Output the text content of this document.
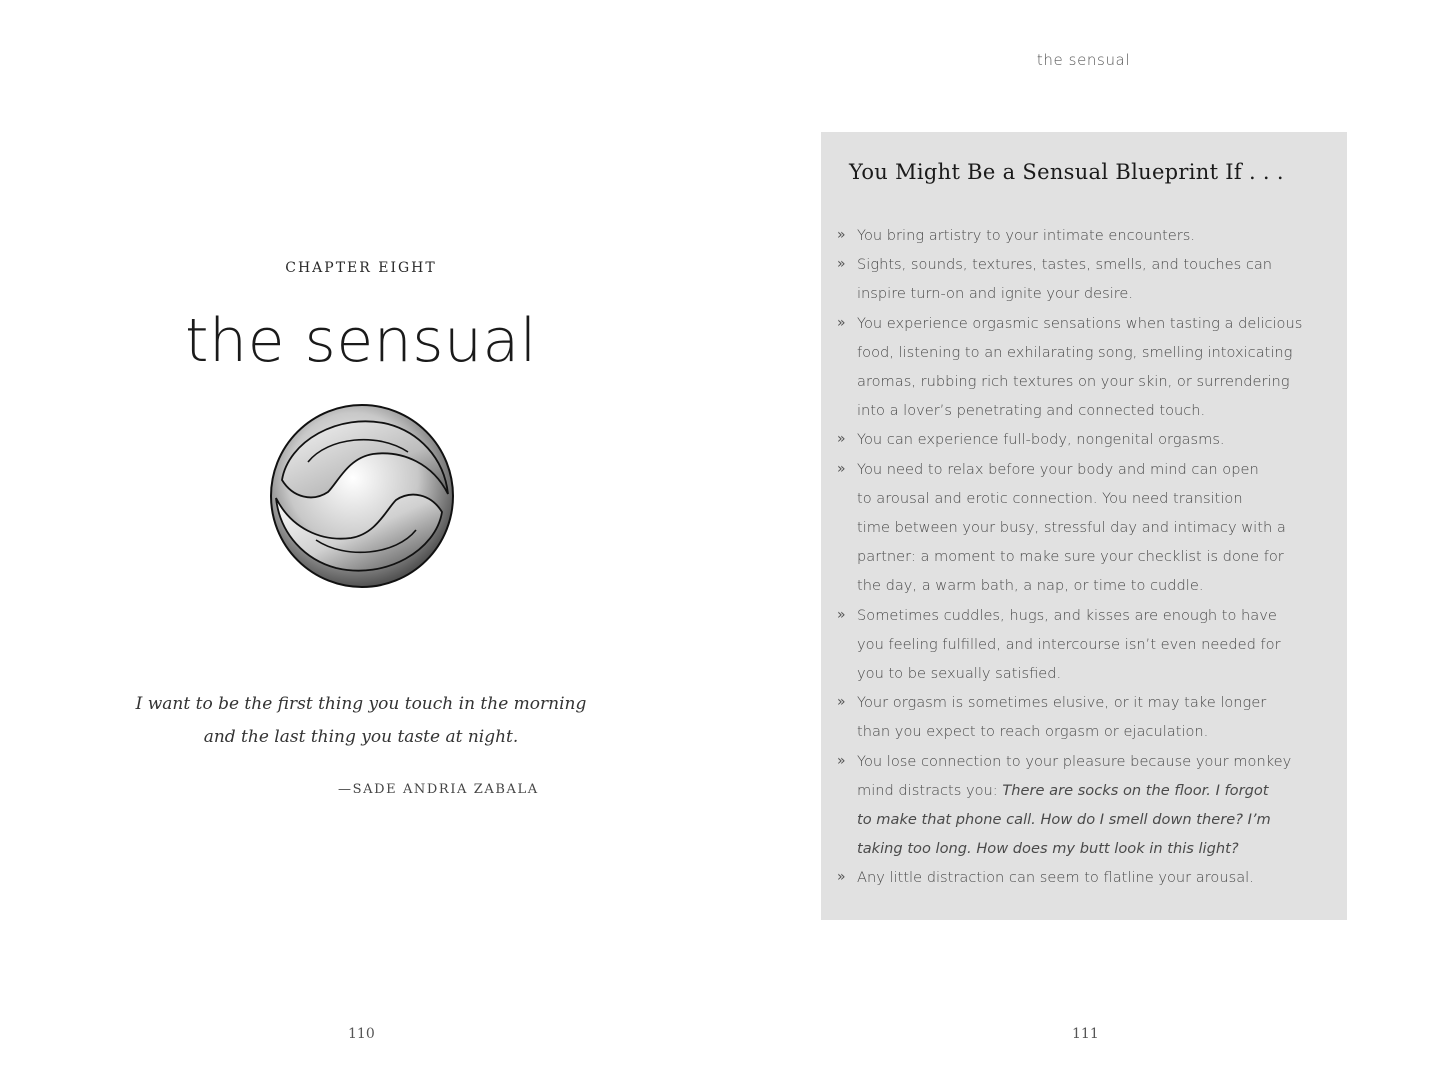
CHAPTER EIGHT
the sensual
I want to be the first thing you touch in the morning
and the last thing you taste at night.
—SADE ANDRIA ZABALA
110
the sensual
You Might Be a Sensual Blueprint If . . .
» You bring artistry to your intimate encounters.
» Sights, sounds, textures, tastes, smells, and touches can
inspire turn-on and ignite your desire.
» You experience orgasmic sensations when tasting a delicious
food, listening to an exhilarating song, smelling intoxicating
aromas, rubbing rich textures on your skin, or surrendering
into a lover’s penetrating and connected touch.
» You can experience full-body, nongenital orgasms.
» You need to relax before your body and mind can open
to arousal and erotic connection. You need transition
time between your busy, stressful day and intimacy with a
partner: a moment to make sure your checklist is done for
the day, a warm bath, a nap, or time to cuddle.
» Sometimes cuddles, hugs, and kisses are enough to have
you feeling fulfilled, and intercourse isn’t even needed for
you to be sexually satisfied.
» Your orgasm is sometimes elusive, or it may take longer
than you expect to reach orgasm or ejaculation.
» You lose connection to your pleasure because your monkey
mind distracts you: There are socks on the floor. I forgot
to make that phone call. How do I smell down there? I’m
taking too long. How does my butt look in this light?
» Any little distraction can seem to flatline your arousal.
111
